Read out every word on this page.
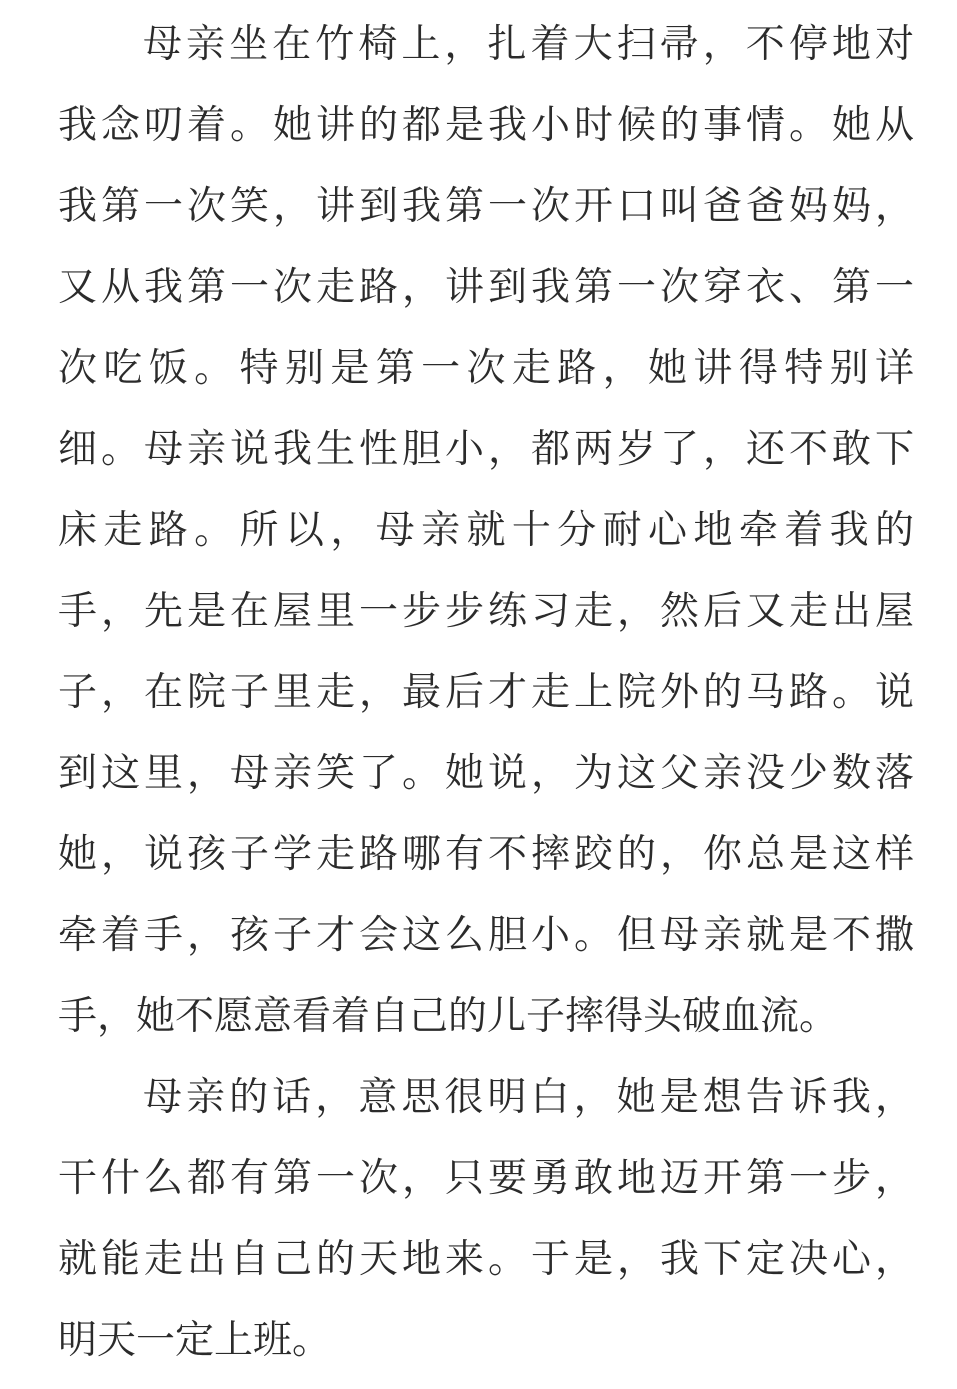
母亲坐在竹椅上，扎着大扫帚，不停地对
我念叨着。她讲的都是我小时候的事情。她从
我第一次笑，讲到我第一次开口叫爸爸妈妈，
又从我第一次走路，讲到我第一次穿衣、第一
次吃饭。特别是第一次走路，她讲得特别详
细。母亲说我生性胆小，都两岁了，还不敢下
床走路。所以，母亲就十分耐心地牵着我的
手，先是在屋里一步步练习走，然后又走出屋
子，在院子里走，最后才走上院外的马路。说
到这里，母亲笑了。她说，为这父亲没少数落
她，说孩子学走路哪有不摔跤的，你总是这样
牵着手，孩子才会这么胆小。但母亲就是不撒
手，她不愿意看着自己的儿子摔得头破血流。
母亲的话，意思很明白，她是想告诉我，
干什么都有第一次，只要勇敢地迈开第一步，
就能走出自己的天地来。于是，我下定决心，
明天一定上班。
